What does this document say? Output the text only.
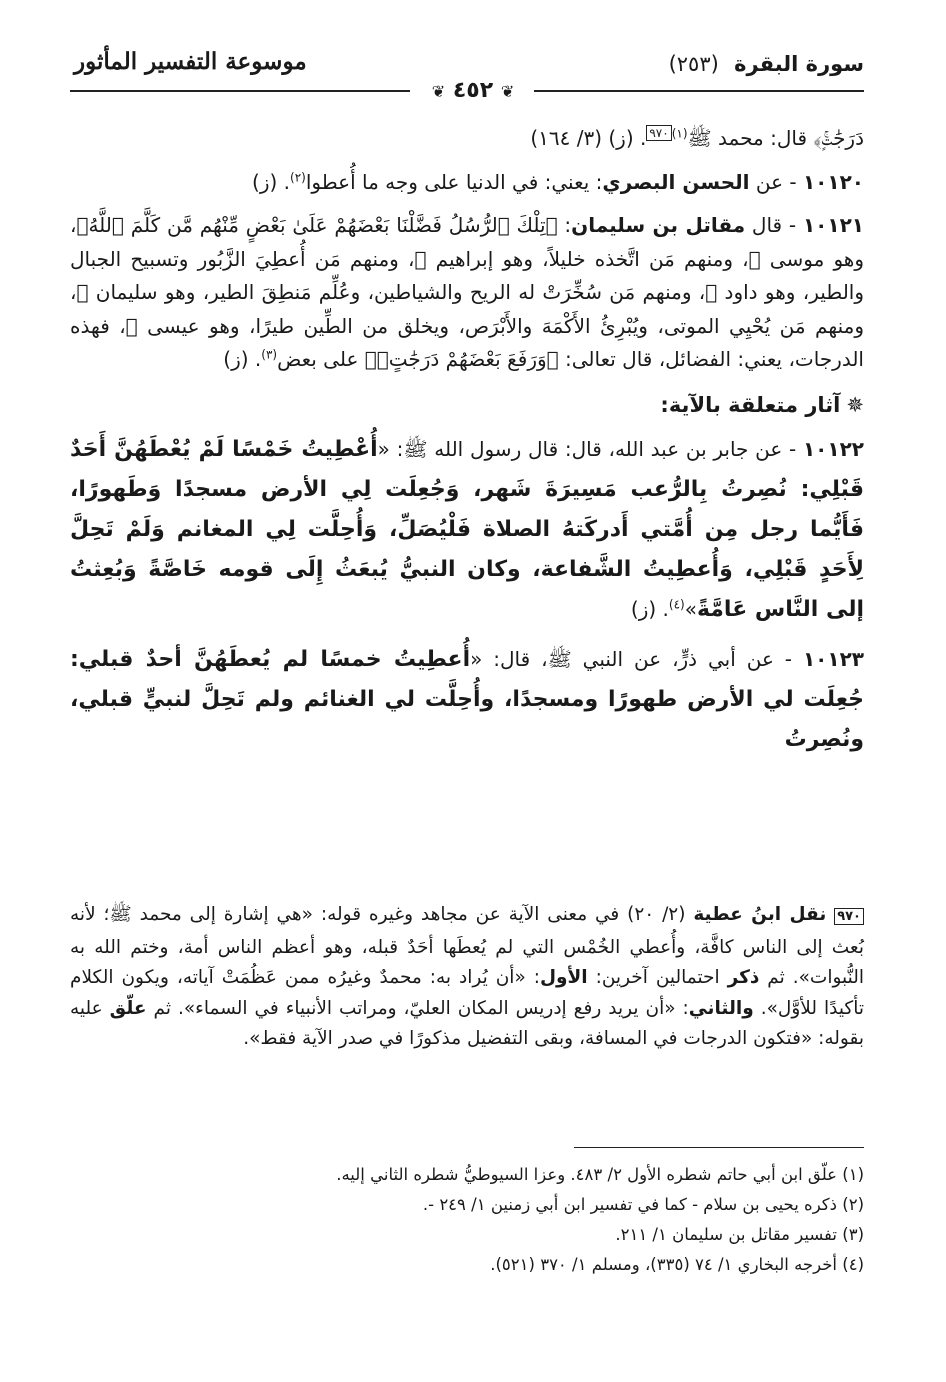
سورة البقرة (٢٥٣)
موسوعة التفسير المأثور
❦ ٤٥٢ ❦

دَرَجَٰتٍۚ﴾ قال: محمد ﷺ$^{(١)}$٩٧٠. (ز) (٣/ ١٦٤)

١٠١٢٠ - عن الحسن البصري: يعني: في الدنيا على وجه ما أُعطوا$^{(٢)}$. (ز)

١٠١٢١ - قال مقاتل بن سليمان: ﴿تِلْكَ ٱلرُّسُلُ فَضَّلْنَا بَعْضَهُمْ عَلَىٰ بَعْضٍ مِّنْهُم مَّن كَلَّمَ ٱللَّهُ﴾، وهو موسى ﷺ، ومنهم مَن اتَّخذه خليلاً، وهو إبراهيم ﷺ، ومنهم مَن أُعطِيَ الزَّبُور وتسبيح الجبال والطير، وهو داود ﷺ، ومنهم مَن سُخِّرَتْ له الريح والشياطين، وعُلِّم مَنطِقَ الطير، وهو سليمان ﷺ، ومنهم مَن يُحْيِي الموتى، ويُبْرِئُ الأَكْمَهَ والأَبْرَص، ويخلق من الطِّين طيرًا، وهو عيسى ﷺ، فهذه الدرجات، يعني: الفضائل، قال تعالى: ﴿وَرَفَعَ بَعْضَهُمْ دَرَجَٰتٍۚ﴾ على بعض$^{(٣)}$. (ز)

✵آثار متعلقة بالآية:

١٠١٢٢ - عن جابر بن عبد الله، قال: قال رسول الله ﷺ: «أُعْطِيتُ خَمْسًا لَمْ يُعْطَهُنَّ أَحَدٌ قَبْلِي: نُصِرتُ بِالرُّعب مَسِيرَةَ شَهر، وَجُعِلَت لِي الأرض مسجدًا وَطَهورًا، فَأَيُّما رجل مِن أُمَّتي أَدركَتهُ الصلاة فَلْيُصَلِّ، وَأُحِلَّت لِي المغانم وَلَمْ تَحِلَّ لِأَحَدٍ قَبْلِي، وَأُعطِيتُ الشَّفاعة، وكان النبيُّ يُبعَثُ إِلَى قومه خَاصَّةً وَبُعِثتُ إلى النَّاس عَامَّةً»$^{(٤)}$. (ز)

١٠١٢٣ - عن أبي ذرٍّ، عن النبي ﷺ، قال: «أُعطِيتُ خمسًا لم يُعطَهُنَّ أحدٌ قبلي: جُعِلَت لي الأرض طهورًا ومسجدًا، وأُحِلَّت لي الغنائم ولم تَحِلَّ لنبيٍّ قبلي، ونُصِرتُ

٩٧٠ نقل ابنُ عطية (٢/ ٢٠) في معنى الآية عن مجاهد وغيره قوله: «هي إشارة إلى محمد ﷺ؛ لأنه بُعث إلى الناس كافَّة، وأُعطي الخُمْس التي لم يُعطَها أحَدٌ قبله، وهو أعظم الناس أمة، وختم الله به النُّبوات». ثم ذكر احتمالين آخرين: الأول: «أن يُراد به: محمدٌ وغيرُه ممن عَظُمَتْ آياته، ويكون الكلام تأكيدًا للأوَّل». والثاني: «أن يريد رفع إدريس المكان العليّ، ومراتب الأنبياء في السماء». ثم علّق عليه بقوله: «فتكون الدرجات في المسافة، وبقى التفضيل مذكورًا في صدر الآية فقط».
(١) علّق ابن أبي حاتم شطره الأول ٢/ ٤٨٣. وعزا السيوطيُّ شطره الثاني إليه.
(٢) ذكره يحيى بن سلام - كما في تفسير ابن أبي زمنين ١/ ٢٤٩ -.
(٣) تفسير مقاتل بن سليمان ١/ ٢١١.
(٤) أخرجه البخاري ١/ ٧٤ (٣٣٥)، ومسلم ١/ ٣٧٠ (٥٢١).
